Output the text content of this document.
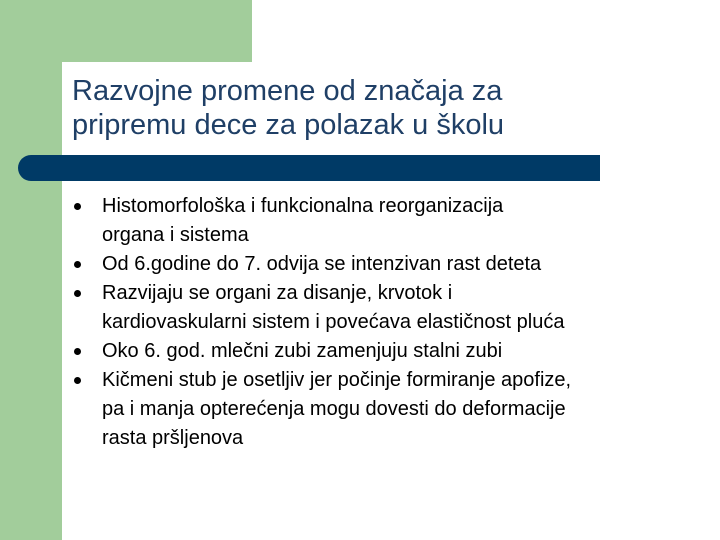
Razvojne promene od značaja za
pripremu dece za polazak u školu
Histomorfološka i funkcionalna reorganizacija
organa i sistema
Od 6.godine do 7. odvija se intenzivan rast deteta
Razvijaju se organi za disanje, krvotok i
kardiovaskularni sistem i povećava elastičnost pluća
Oko 6. god. mlečni zubi zamenjuju stalni zubi
Kičmeni stub je osetljiv jer počinje formiranje apofize,
pa i manja opterećenja mogu dovesti do deformacije
rasta pršljenova
